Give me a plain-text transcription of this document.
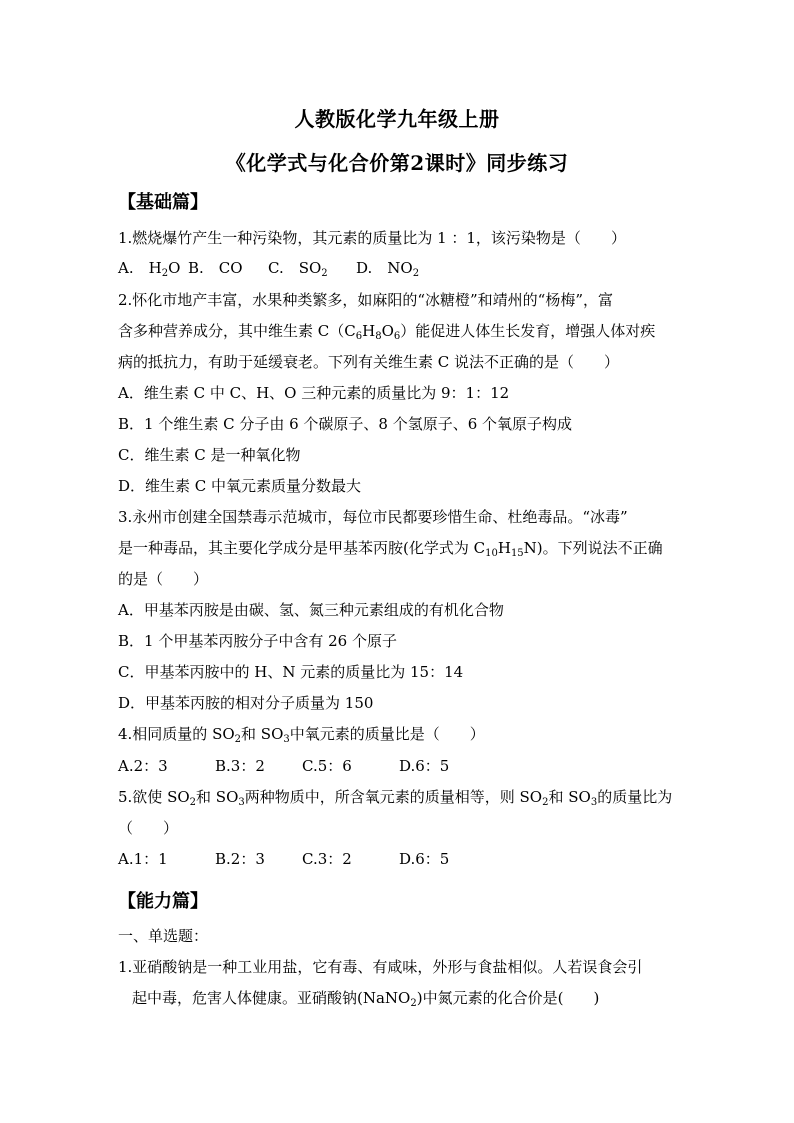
人教版化学九年级上册
《化学式与化合价第2课时》同步练习
【基础篇】
1.燃烧爆竹产生一种污染物，其元素的质量比为 1 ：1，该污染物是（　　）
A.　$H_2O$ B.　CO C.　$SO_2$ D.　$NO_2$
2.怀化市地产丰富，水果种类繁多，如麻阳的“冰糖橙”和靖州的“杨梅”，富
含多种营养成分，其中维生素 $C(C_6H_8O_6)$能促进人体生长发育，增强人体对疾
病的抵抗力，有助于延缓衰老。下列有关维生素 C 说法不正确的是（　　）
A．维生素 C 中 C、H、O 三种元素的质量比为 9：1：12
B．1 个维生素 C 分子由 6 个碳原子、8 个氢原子、6 个氧原子构成
C．维生素 C 是一种氧化物
D．维生素 C 中氧元素质量分数最大
3.永州市创建全国禁毒示范城市，每位市民都要珍惜生命、杜绝毒品。“冰毒”
是一种毒品，其主要化学成分是甲基苯丙胺(化学式为 $C_{10}H_{15}N$)。下列说法不正确
的是（　　）
A．甲基苯丙胺是由碳、氢、氮三种元素组成的有机化合物
B．1 个甲基苯丙胺分子中含有 26 个原子
C．甲基苯丙胺中的 H、N 元素的质量比为 15：14
D．甲基苯丙胺的相对分子质量为 150
4.相同质量的 $SO_2$和 $SO_3$中氧元素的质量比是（　　）
A.2：3	B.3：2 C.5：6	D.6：5
5.欲使 $SO_2$和 $SO_3$两种物质中，所含氧元素的质量相等，则 $SO_2$和 $SO_3$的质量比为
（　　）
A.1：1	B.2：3 C.3：2	D.6：5
【能力篇】
一、单选题：
1.亚硝酸钠是一种工业用盐，它有毒、有咸味，外形与食盐相似。人若误食会引
起中毒，危害人体健康。亚硝酸钠(NaNO$_2$)中氮元素的化合价是(　　)
